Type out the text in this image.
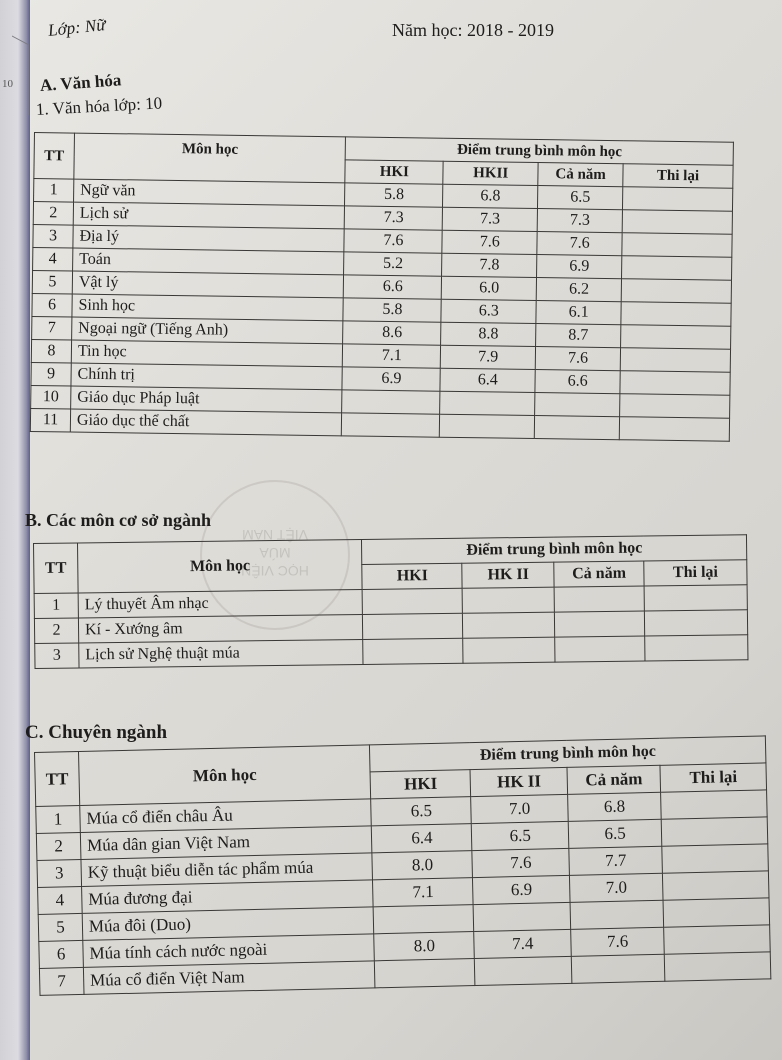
10
Lớp: Nữ	Năm học: 2018 - 2019
A. Văn hóa
1. Văn hóa lớp: 10
HỌC VIỆN
MÚA
VIỆT NAM
TT	Môn học	Điểm trung bình môn học			
		HKI	HKII	Cả năm	Thi lại
1	Ngữ văn	5.8	6.8	6.5	
2	Lịch sử	7.3	7.3	7.3	
3	Địa lý	7.6	7.6	7.6	
4	Toán	5.2	7.8	6.9	
5	Vật lý	6.6	6.0	6.2	
6	Sinh học	5.8	6.3	6.1	
7	Ngoại ngữ (Tiếng Anh)	8.6	8.8	8.7	
8	Tin học	7.1	7.9	7.6	
9	Chính trị	6.9	6.4	6.6	
10	Giáo dục Pháp luật				
11	Giáo dục thể chất				
B. Các môn cơ sở ngành
TT	Môn học	Điểm trung bình môn học			
		HKI	HK II	Cả năm	Thi lại
1	Lý thuyết Âm nhạc				
2	Kí - Xướng âm				
3	Lịch sử Nghệ thuật múa				
C. Chuyên ngành
TT	Môn học	Điểm trung bình môn học			
		HKI	HK II	Cả năm	Thi lại
1	Múa cổ điển châu Âu	6.5	7.0	6.8	
2	Múa dân gian Việt Nam	6.4	6.5	6.5	
3	Kỹ thuật biểu diễn tác phẩm múa	8.0	7.6	7.7	
4	Múa đương đại	7.1	6.9	7.0	
5	Múa đôi (Duo)				
6	Múa tính cách nước ngoài	8.0	7.4	7.6	
7	Múa cổ điển Việt Nam				
